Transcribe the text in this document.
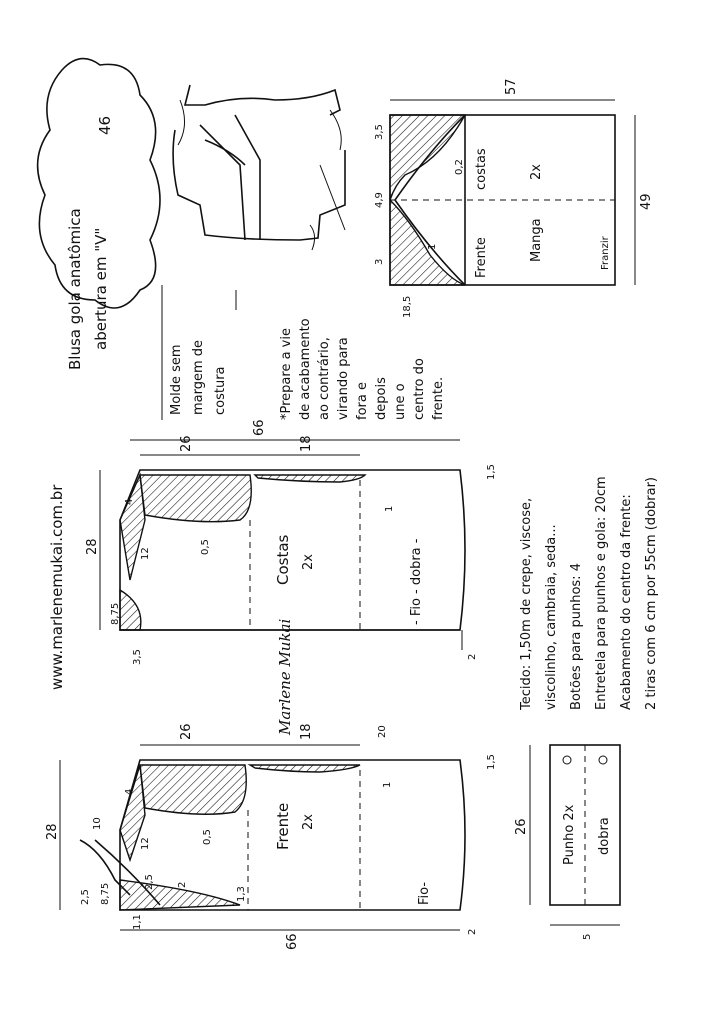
Blusa gola anatômica abertura em "V"
46
Molde sem margem de costura	*Prepare a vie de acabamento ao contrário, virando para fora e depois une o centro do frente.
57
49
Frente
costas
Manga
2x
Franzir
3,5
0,2
4,9
3
1
18,5
www.marlenemukai.com.br
66
26	18
28
1,5
4
12	0,5
8,75
3,5	2
1
Costas 2x	- Fio - dobra -
Marlene Mukai
26	18	20
66
28
1,5
4
12
10
2,5
2,5
8,75	2
1,1
1,3
1
0,5	Frente 2x
Fio-
2
Tecido: 1,50m de crepe, viscose, viscolinho, cambraia, seda... Botões para punhos: 4 Entretela para punhos e gola: 20cm Acabamento do centro da frente: 2 tiras com 6 cm por 55cm (dobrar)
26
5
Punho 2x dobra
